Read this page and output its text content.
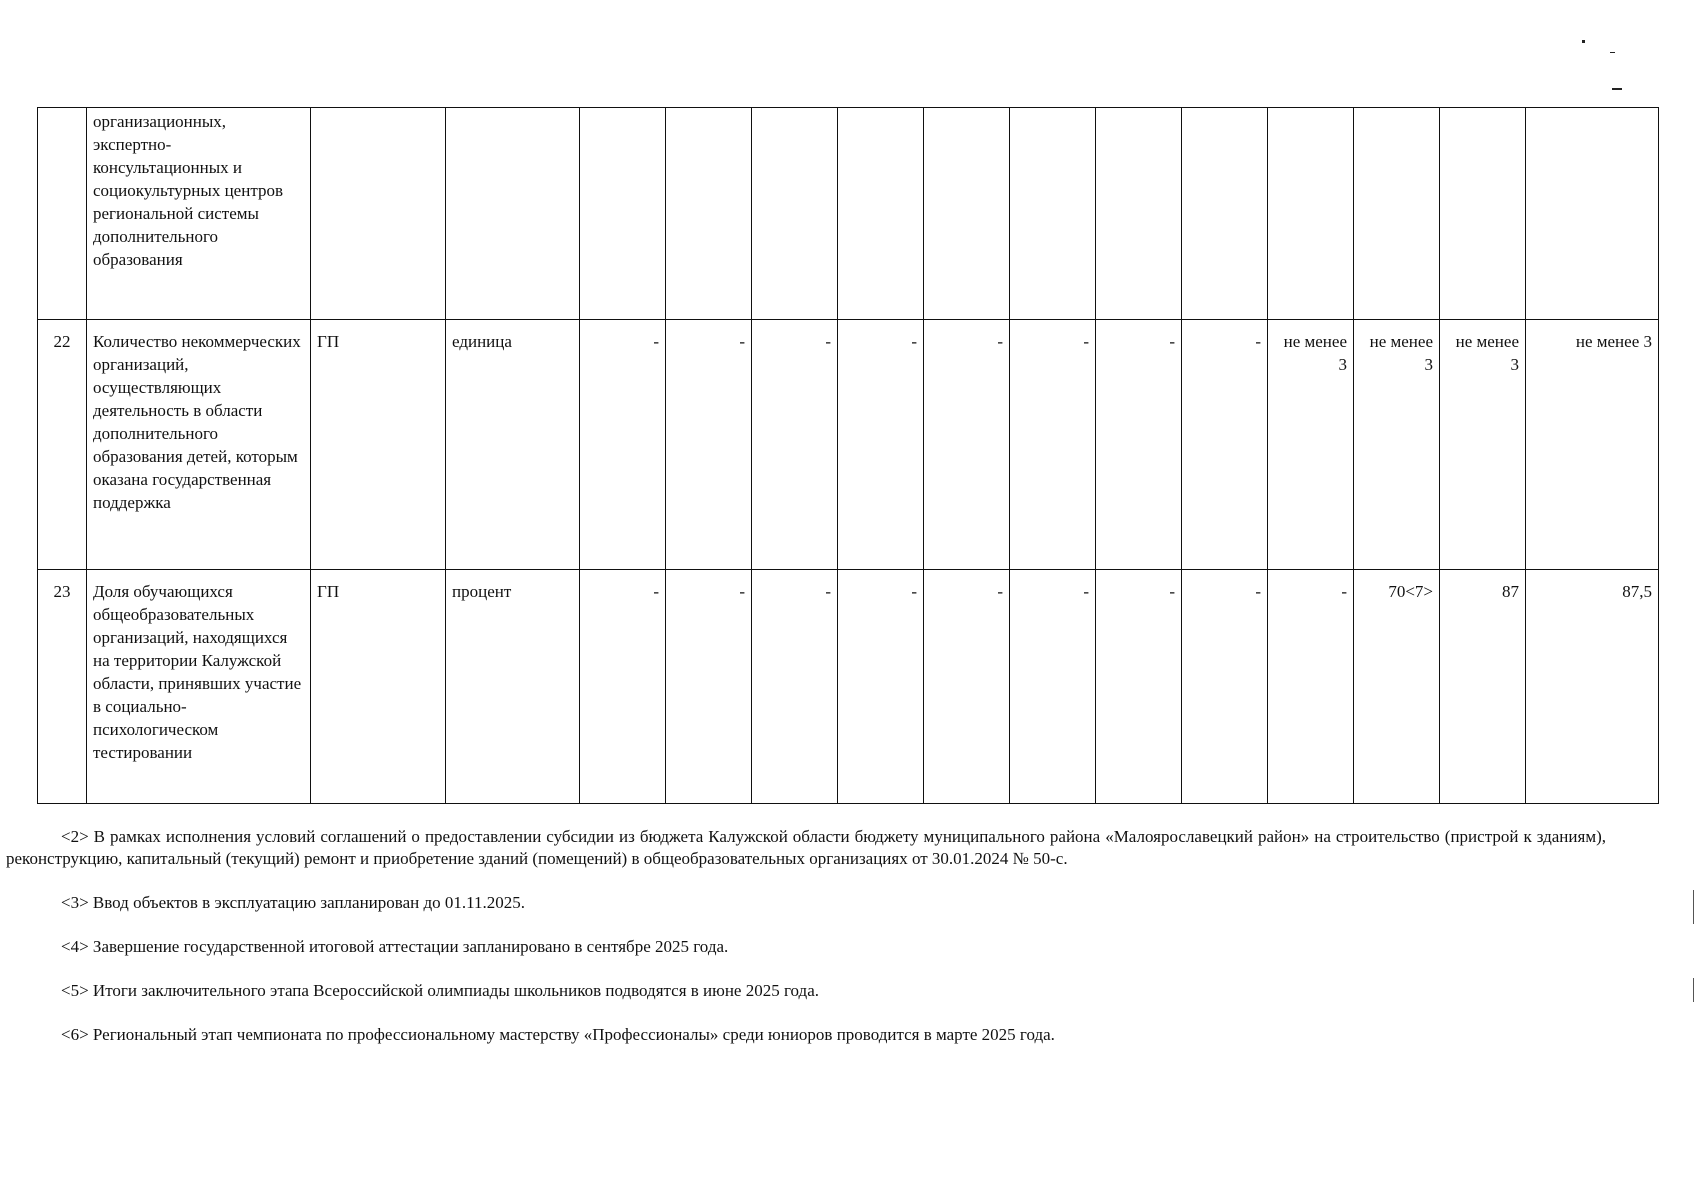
	организационных, экспертно-консультационных и социокультурных центров региональной системы дополнительного образования														
22	Количество некоммерческих организаций, осуществляющих деятельность в области дополнительного образования детей, которым оказана государственная поддержка	ГП	единица	-	-	-	-	-	-	-	-	не менее 3	не менее 3	не менее 3	не менее 3
23	Доля обучающихся общеобразовательных организаций, находящихся на территории Калужской области, принявших участие в социально-психологическом тестировании	ГП	процент	-	-	-	-	-	-	-	-	-	70<7>	87	87,5

<2> В рамках исполнения условий соглашений о предоставлении субсидии из бюджета Калужской области бюджету муниципального района «Малоярославецкий район» на строительство (пристрой к зданиям), реконструкцию, капитальный (текущий) ремонт и приобретение зданий (помещений) в общеобразовательных организациях от 30.01.2024 № 50-с.

<3> Ввод объектов в эксплуатацию запланирован до 01.11.2025.

<4> Завершение государственной итоговой аттестации запланировано в сентябре 2025 года.

<5> Итоги заключительного этапа Всероссийской олимпиады школьников подводятся в июне 2025 года.

<6> Региональный этап чемпионата по профессиональному мастерству «Профессионалы» среди юниоров проводится в марте 2025 года.
